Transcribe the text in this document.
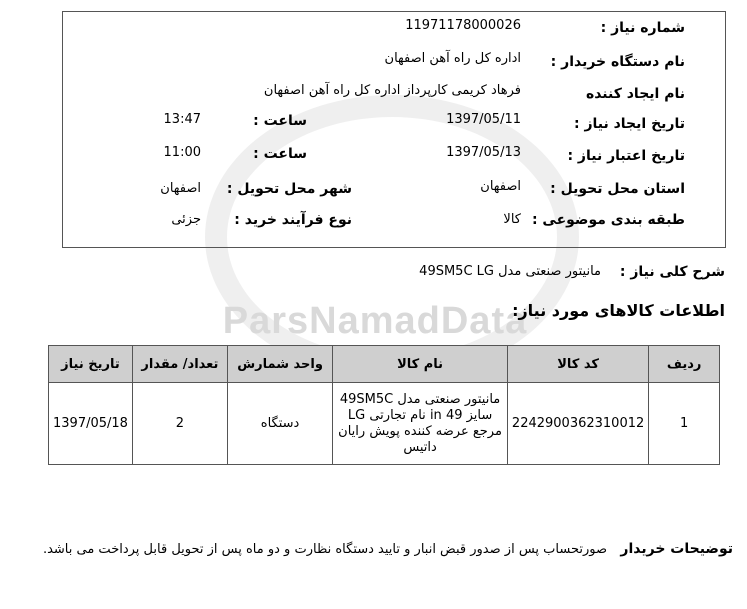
ParsNamadData
شماره نیاز :
11971178000026
نام دستگاه خریدار :
اداره کل راه آهن اصفهان
نام ایجاد کننده
فرهاد کریمی کارپرداز اداره کل راه آهن اصفهان
تاریخ ایجاد نیاز :
1397/05/11
ساعت :
13:47
تاریخ اعتبار نیاز :
1397/05/13
ساعت :
11:00
استان محل تحویل :
اصفهان
شهر محل تحویل :
اصفهان
طبقه بندی موضوعی :
کالا
نوع فرآیند خرید :
جزئی
شرح کلی نیاز :
مانیتور صنعتی مدل 49SM5C LG
اطلاعات کالاهای مورد نیاز:
ردیف	کد کالا	نام کالا	واحد شمارش	تعداد/ مقدار	تاریخ نیاز
1	2242900362310012	مانیتور صنعتی مدل 49SM5C سایز 49 in نام تجارتی LG مرجع عرضه کننده پویش رایان داتیس	دستگاه	2	1397/05/18
توضیحات خریدار
صورتحساب پس از صدور قبض انبار و تایید دستگاه نظارت و دو ماه پس از تحویل قابل پرداخت می باشد.
